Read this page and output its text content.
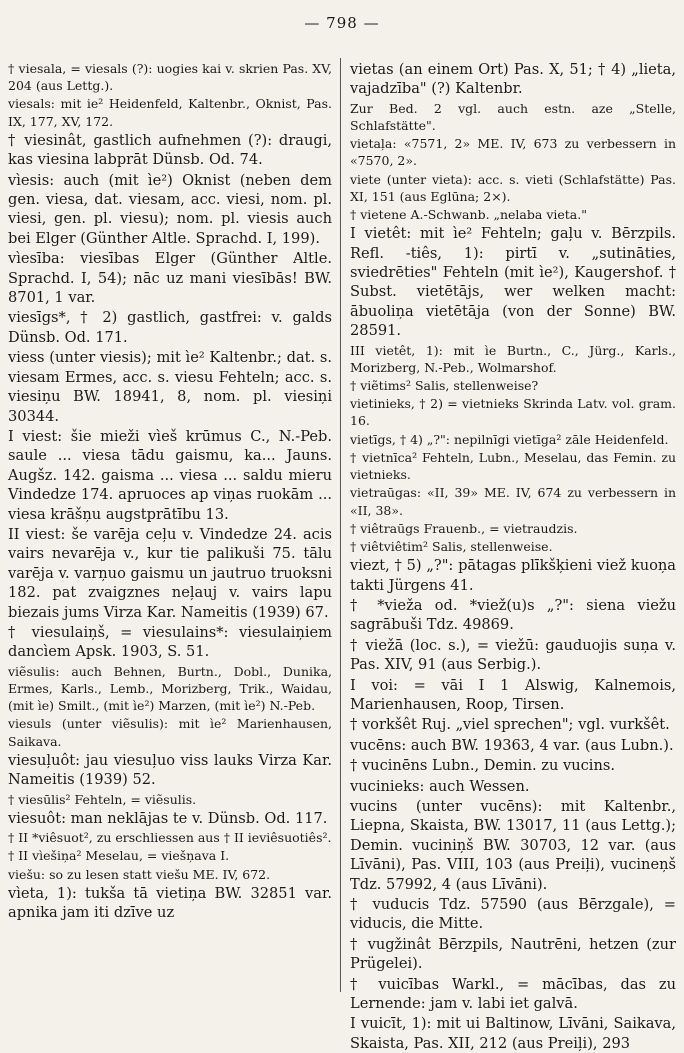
— 798 —

† viesala, = viesals (?): uogies kai v. skrien Pas. XV, 204 (aus Lettg.).

viesals: mit ie² Heidenfeld, Kaltenbr., Oknist, Pas. IX, 177, XV, 172.

† viesinât, gastlich aufnehmen (?): draugi, kas viesina labprāt Dünsb. Od. 74.

vìesis: auch (mit ìe²) Oknist (neben dem gen. viesa, dat. viesam, acc. viesi, nom. pl. viesi, gen. pl. viesu); nom. pl. viesis auch bei Elger (Günther Altle. Sprachd. I, 199).

vìesība: viesības Elger (Günther Altle. Sprachd. I, 54); nāc uz mani viesībās! BW. 8701, 1 var.

viesīgs*, † 2) gastlich, gastfrei: v. galds Dünsb. Od. 171.

viess (unter viesis); mit ìe² Kaltenbr.; dat. s. viesam Ermes, acc. s. viesu Fehteln; acc. s. viesiņu BW. 18941, 8, nom. pl. viesiņi 30344.

I viest: šie mieži vìeš krūmus C., N.-Peb. saule ... viesa tādu gaismu, ka... Jauns. Augšz. 142. gaisma ... viesa ... saldu mieru Vindedze 174. apruoces ap viņas ruokām ... viesa krāšņu augstprātību 13.

II viest: še varēja ceļu v. Vindedze 24. acis vairs nevarēja v., kur tie palikuši 75. tālu varēja v. varņuo gaismu un jautruo truoksni 182. pat zvaigznes neļauj v. vairs lapu biezais jums Virza Kar. Nameitis (1939) 67.

† viesulaiņš, = viesulains*: viesulaiņiem dancìem Apsk. 1903, S. 51.

viẽsulis: auch Behnen, Burtn., Dobl., Dunika, Ermes, Karls., Lemb., Morizberg, Trik., Waidau, (mit ìe) Smilt., (mit ìe²) Marzen, (mit ìe²) N.-Peb.

viesuls (unter viẽsulis): mit ìe² Marienhausen, Saikava.

viesuļuôt: jau viesuļuo viss lauks Virza Kar. Nameitis (1939) 52.

† viesūlis² Fehteln, = viẽsulis.

viesuôt: man neklājas te v. Dünsb. Od. 117.

† II *viêsuot², zu erschliessen aus † II ieviêsuotiês².

† II vìešiņa² Meselau, = viešņava I.

viešu: so zu lesen statt viešu ME. IV, 672.

vìeta, 1): tukša tā vietiņa BW. 32851 var. apnika jam iti dzīve uz

vietas (an einem Ort) Pas. X, 51; † 4) „lieta, vajadzība" (?) Kaltenbr.

Zur Bed. 2 vgl. auch estn. aze „Stelle, Schlafstätte".

vietaļa: «7571, 2» ME. IV, 673 zu verbessern in «7570, 2».

viete (unter vieta): acc. s. vieti (Schlafstätte) Pas. XI, 151 (aus Eglūna; 2×).

† vietene A.-Schwanb. „nelaba vieta."

I vietêt: mit ìe² Fehteln; gaļu v. Bērzpils. Refl. -tiês, 1): pirtī v. „sutināties, sviedrēties" Fehteln (mit ìe²), Kaugershof. † Subst. vietētājs, wer welken macht: ābuoliņa vietētāja (von der Sonne) BW. 28591.

III vietêt, 1): mit ìe Burtn., C., Jürg., Karls., Morizberg, N.-Peb., Wolmarshof.

† viẽtims² Salis, stellenweise?

vietinieks, † 2) = vietnieks Skrinda Latv. vol. gram. 16.

vietīgs, † 4) „?": nepilnīgi vietīga² zāle Heidenfeld.

† vietnīca² Fehteln, Lubn., Meselau, das Femin. zu vietnieks.

vietraūgas: «II, 39» ME. IV, 674 zu verbessern in «II, 38».

† viêtraūgs Frauenb., = vietraudzis.

† viêtviêtim² Salis, stellenweise.

viezt, † 5) „?": pātagas plīkšķieni viež kuoņa takti Jürgens 41.

† *vieža od. *viež(u)s „?": siena viežu sagrābuši Tdz. 49869.

† viežā (loc. s.), = viežū: gauduojis suņa v. Pas. XIV, 91 (aus Serbig.).

I voi: = vāi I 1 Alswig, Kalnemois, Marienhausen, Roop, Tirsen.

† vorkšêt Ruj. „viel sprechen"; vgl. vurkšêt.

vucēns: auch BW. 19363, 4 var. (aus Lubn.).

† vucinēns Lubn., Demin. zu vucins.

vucinieks: auch Wessen.

vucins (unter vucēns): mit Kaltenbr., Liepna, Skaista, BW. 13017, 11 (aus Lettg.); Demin. vuciniņš BW. 30703, 12 var. (aus Līvāni), Pas. VIII, 103 (aus Preiļi), vucineņš Tdz. 57992, 4 (aus Līvāni).

† vuducis Tdz. 57590 (aus Bērzgale), = viducis, die Mitte.

† vugžinât Bērzpils, Nautrēni, hetzen (zur Prügelei).

† vuicības Warkl., = mācības, das zu Lernende: jam v. labi iet galvā.

I vuicīt, 1): mit ui Baltinow, Līvāni, Saikava, Skaista, Pas. XII, 212 (aus Preiļi), 293
